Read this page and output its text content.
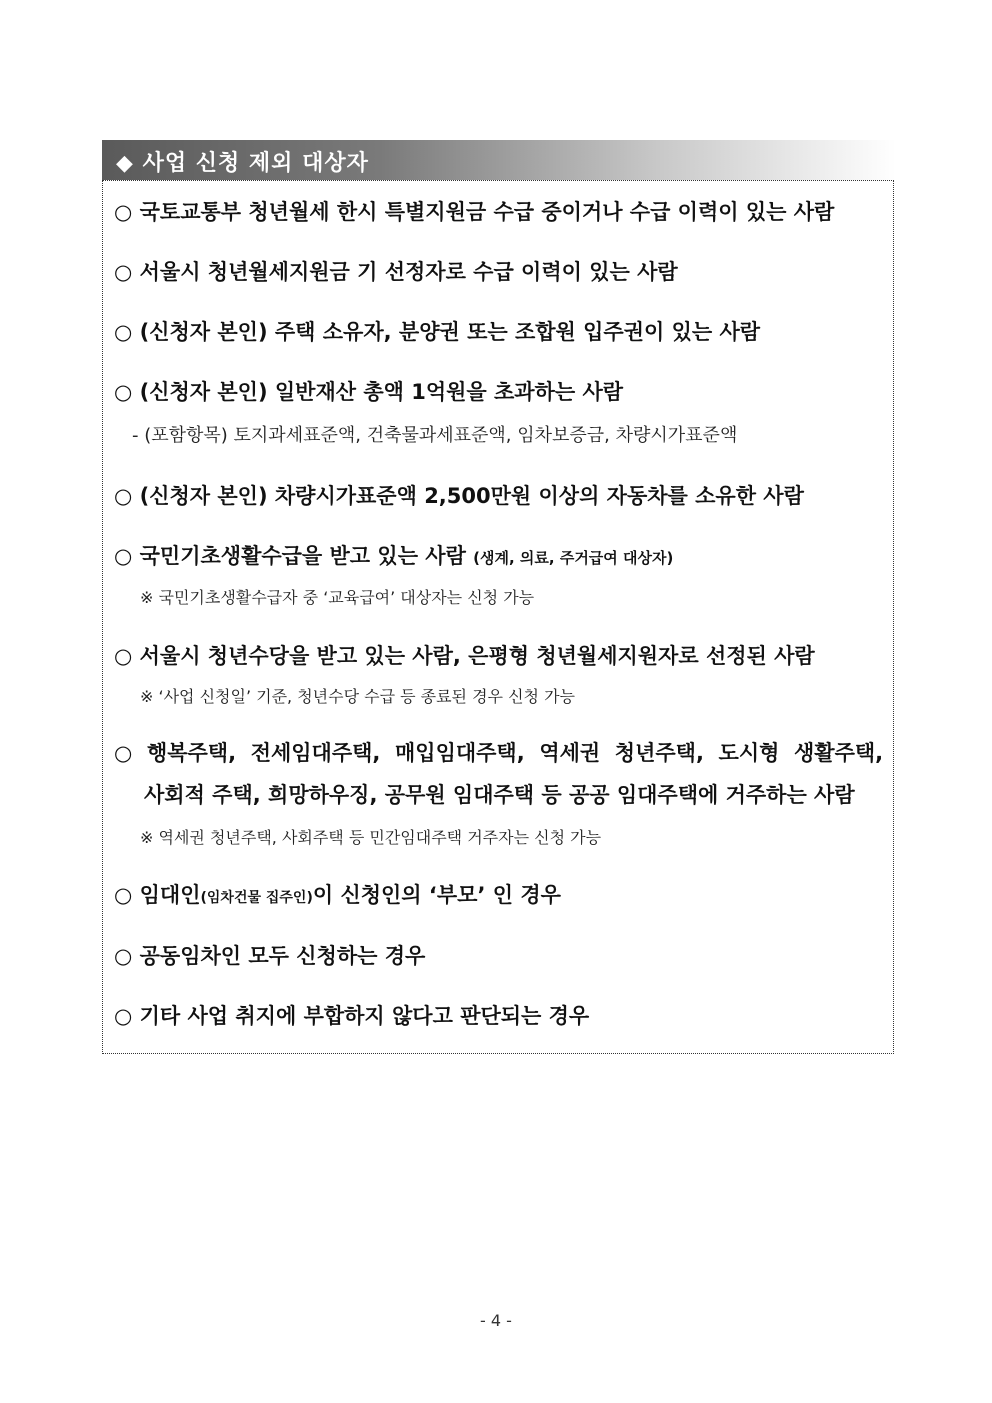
◆ 사업 신청 제외 대상자
○ 국토교통부 청년월세 한시 특별지원금 수급 중이거나 수급 이력이 있는 사람
○ 서울시 청년월세지원금 기 선정자로 수급 이력이 있는 사람
○ (신청자 본인) 주택 소유자, 분양권 또는 조합원 입주권이 있는 사람
○ (신청자 본인) 일반재산 총액 1억원을 초과하는 사람
- (포함항목) 토지과세표준액, 건축물과세표준액, 임차보증금, 차량시가표준액
○ (신청자 본인) 차량시가표준액 2,500만원 이상의 자동차를 소유한 사람
○ 국민기초생활수급을 받고 있는 사람 (생계, 의료, 주거급여 대상자)
※ 국민기초생활수급자 중 ‘교육급여’ 대상자는 신청 가능
○ 서울시 청년수당을 받고 있는 사람, 은평형 청년월세지원자로 선정된 사람
※ ‘사업 신청일’ 기준, 청년수당 수급 등 종료된 경우 신청 가능
○  행복주택,  전세임대주택,  매입임대주택,  역세권  청년주택,  도시형  생활주택,
사회적 주택, 희망하우징, 공무원 임대주택 등 공공 임대주택에 거주하는 사람
※ 역세권 청년주택, 사회주택 등 민간임대주택 거주자는 신청 가능
○ 임대인(임차건물 집주인)이 신청인의 ‘부모’ 인 경우
○ 공동임차인 모두 신청하는 경우
○ 기타 사업 취지에 부합하지 않다고 판단되는 경우
- 4 -
